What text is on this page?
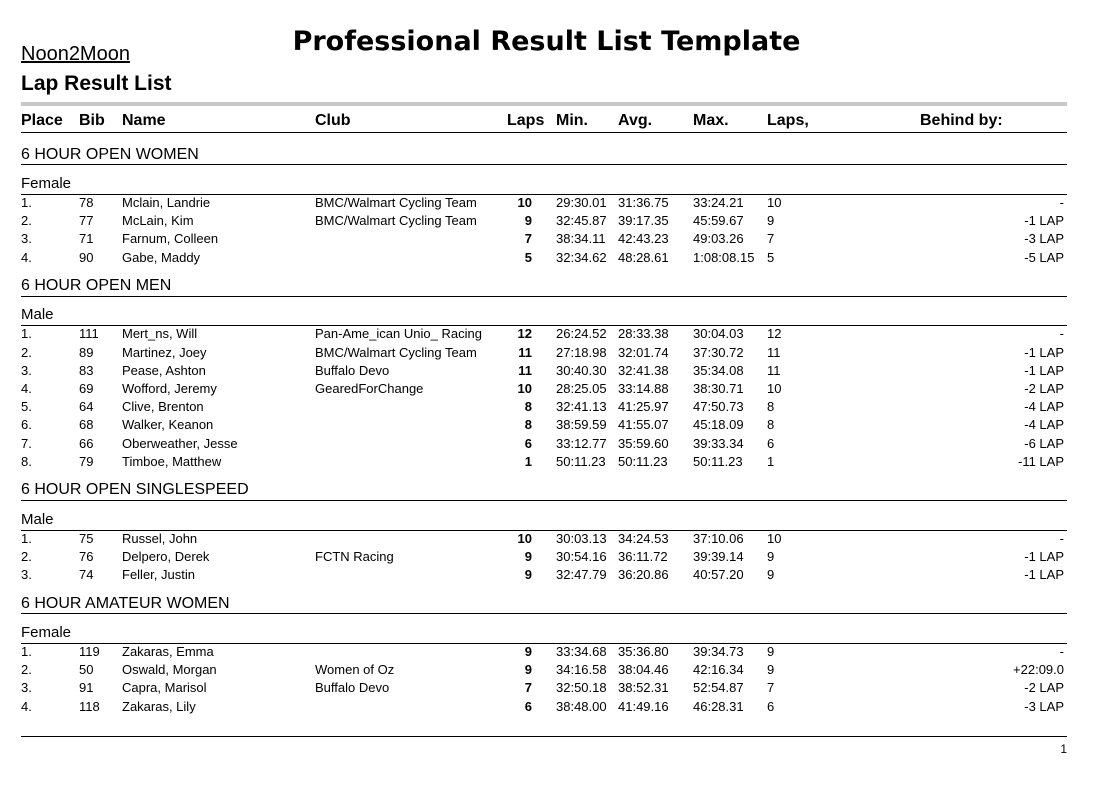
Professional Result List Template
Noon2Moon
Lap Result List
Place Bib Name	Club	Laps Min. Avg.	Max. Laps,	Behind by:
6 HOUR OPEN WOMEN
Female
1.	78 Mclain, Landrie	BMC/Walmart Cycling Team	10 29:30.01 31:36.75 33:24.21 10	-
2.	77 McLain, Kim	BMC/Walmart Cycling Team	9 32:45.87 39:17.35 45:59.67 9	-1 LAP
3.	71 Farnum, Colleen	7 38:34.11 42:43.23 49:03.26 7	-3 LAP
4.	90 Gabe, Maddy	5 32:34.62 48:28.61 1:08:08.15 5	-5 LAP
6 HOUR OPEN MEN
Male
1.	111 Mert_ns, Will	Pan-Ame_ican Unio_ Racing	12 26:24.52 28:33.38 30:04.03 12	-
2.	89 Martinez, Joey	BMC/Walmart Cycling Team	11 27:18.98 32:01.74 37:30.72 11	-1 LAP
3.	83 Pease, Ashton	Buffalo Devo	11 30:40.30 32:41.38 35:34.08 11	-1 LAP
4.	69 Wofford, Jeremy	GearedForChange	10 28:25.05 33:14.88 38:30.71 10	-2 LAP
5.	64 Clive, Brenton	8 32:41.13 41:25.97 47:50.73 8	-4 LAP
6.	68 Walker, Keanon	8 38:59.59 41:55.07 45:18.09 8	-4 LAP
7.	66 Oberweather, Jesse	6 33:12.77 35:59.60 39:33.34 6	-6 LAP
8.	79 Timboe, Matthew	1 50:11.23 50:11.23 50:11.23 1	-11 LAP
6 HOUR OPEN SINGLESPEED
Male
1.	75 Russel, John	10 30:03.13 34:24.53 37:10.06 10	-
2.	76 Delpero, Derek	FCTN Racing	9 30:54.16 36:11.72 39:39.14 9	-1 LAP
3.	74 Feller, Justin	9 32:47.79 36:20.86 40:57.20 9	-1 LAP
6 HOUR AMATEUR WOMEN
Female
1.	119 Zakaras, Emma	9 33:34.68 35:36.80 39:34.73 9	-
2.	50 Oswald, Morgan	Women of Oz	9 34:16.58 38:04.46 42:16.34 9	+22:09.0
3.	91 Capra, Marisol	Buffalo Devo	7 32:50.18 38:52.31 52:54.87 7	-2 LAP
4.	118 Zakaras, Lily	6 38:48.00 41:49.16 46:28.31 6	-3 LAP
1
